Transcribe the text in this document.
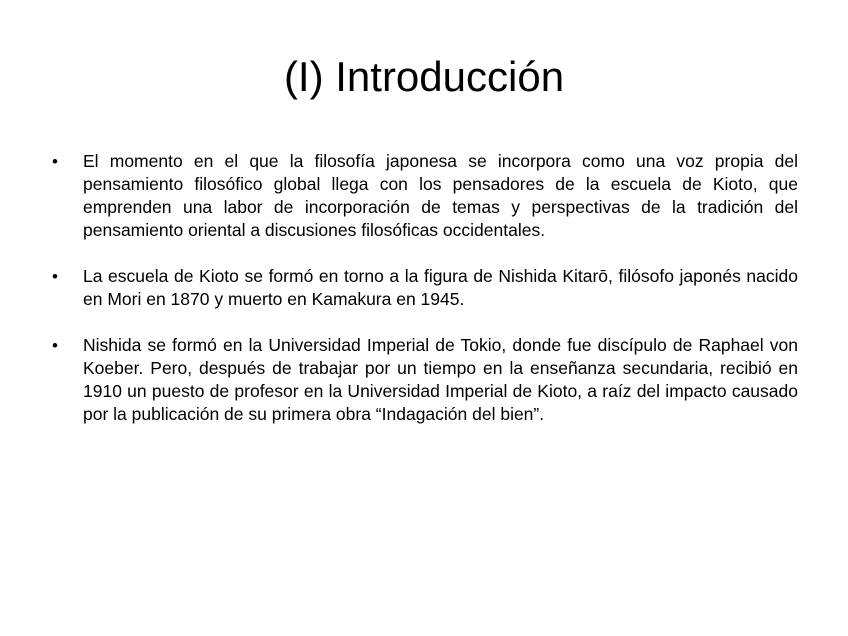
(I) Introducción
•	El momento en el que la filosofía japonesa se incorpora como una voz propia del pensamiento filosófico global llega con los pensadores de la escuela de Kioto, que emprenden una labor de incorporación de temas y perspectivas de la tradición del pensamiento oriental a discusiones filosóficas occidentales.
•	La escuela de Kioto se formó en torno a la figura de Nishida Kitarō, filósofo japonés nacido en Mori en 1870 y muerto en Kamakura en 1945.
•	Nishida se formó en la Universidad Imperial de Tokio, donde fue discípulo de Raphael von Koeber. Pero, después de trabajar por un tiempo en la enseñanza secundaria, recibió en 1910 un puesto de profesor en la Universidad Imperial de Kioto, a raíz del impacto causado por la publicación de su primera obra “Indagación del bien”.
